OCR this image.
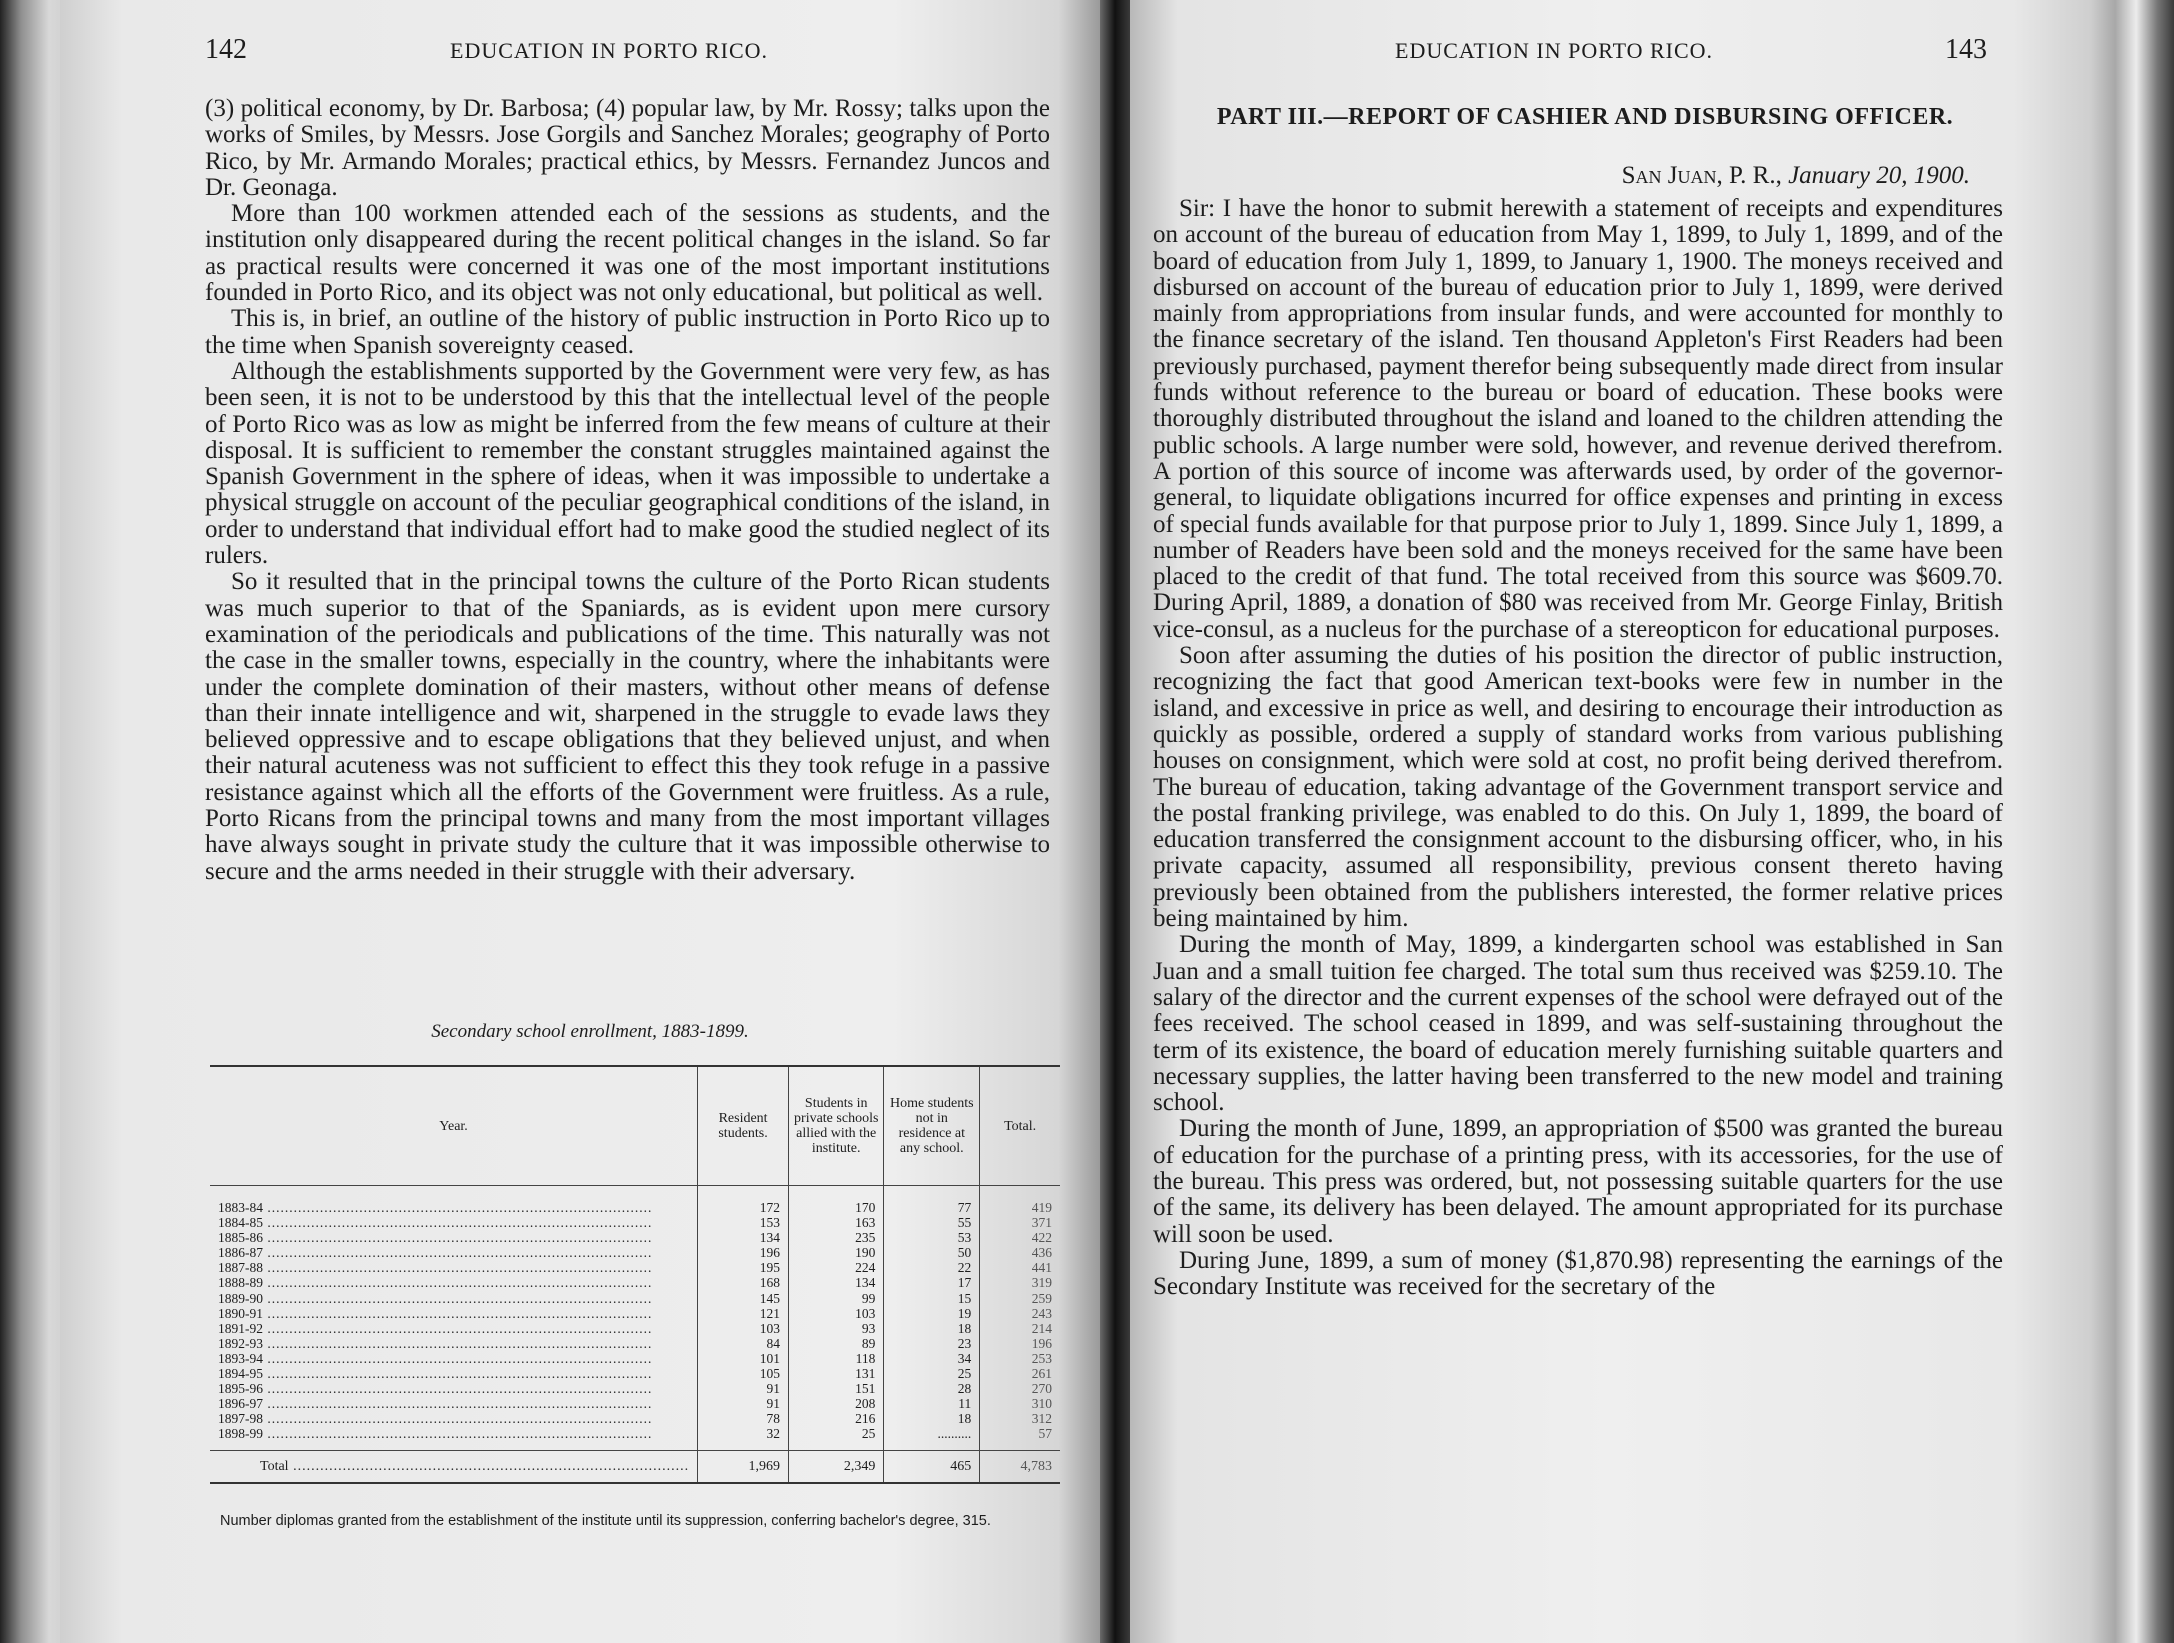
142	EDUCATION IN PORTO RICO.

(3) political economy, by Dr. Barbosa; (4) popular law, by Mr. Rossy; talks upon the works of Smiles, by Messrs. Jose Gorgils and Sanchez Morales; geography of Porto Rico, by Mr. Armando Morales; practical ethics, by Messrs. Fernandez Juncos and Dr. Geonaga.

More than 100 workmen attended each of the sessions as students, and the institution only disappeared during the recent political changes in the island. So far as practical results were concerned it was one of the most important institutions founded in Porto Rico, and its object was not only educational, but political as well.

This is, in brief, an outline of the history of public instruction in Porto Rico up to the time when Spanish sovereignty ceased.

Although the establishments supported by the Government were very few, as has been seen, it is not to be understood by this that the intellectual level of the people of Porto Rico was as low as might be inferred from the few means of culture at their disposal. It is sufficient to remember the constant struggles maintained against the Spanish Government in the sphere of ideas, when it was impossible to undertake a physical struggle on account of the peculiar geographical conditions of the island, in order to understand that individual effort had to make good the studied neglect of its rulers.

So it resulted that in the principal towns the culture of the Porto Rican students was much superior to that of the Spaniards, as is evident upon mere cursory examination of the periodicals and publications of the time. This naturally was not the case in the smaller towns, especially in the country, where the inhabitants were under the complete domination of their masters, without other means of defense than their innate intelligence and wit, sharpened in the struggle to evade laws they believed oppressive and to escape obligations that they believed unjust, and when their natural acuteness was not sufficient to effect this they took refuge in a passive resistance against which all the efforts of the Government were fruitless. As a rule, Porto Ricans from the principal towns and many from the most important villages have always sought in private study the culture that it was impossible otherwise to secure and the arms needed in their struggle with their adversary.

Secondary school enrollment, 1883-1899.
Year.	Resident students.	Students in private schools allied with the institute.	Home students not in residence at any school.	Total.
1883-84 .....	172	170	77	419
1884-85 .....	153	163	55	371
1885-86 .....	134	235	53	422
1886-87 .....	196	190	50	436
1887-88 .....	195	224	22	441
1888-89 .....	168	134	17	319
1889-90 .....	145	99	15	259
1890-91 .....	121	103	19	243
1891-92 .....	103	93	18	214
1892-93 .....	84	89	23	196
1893-94 .....	101	118	34	253
1894-95 .....	105	131	25	261
1895-96 .....	91	151	28	270
1896-97 .....	91	208	11	310
1897-98 .....	78	216	18	312
1898-99 .....	32	25	..........	57
Total .....	1,969	2,349	465	4,783
Number diplomas granted from the establishment of the institute until its suppression, conferring bachelor's degree, 315.
EDUCATION IN PORTO RICO.	143
PART III.—REPORT OF CASHIER AND DISBURSING OFFICER.
San Juan, P. R., January 20, 1900.

Sir: I have the honor to submit herewith a statement of receipts and expenditures on account of the bureau of education from May 1, 1899, to July 1, 1899, and of the board of education from July 1, 1899, to January 1, 1900. The moneys received and disbursed on account of the bureau of education prior to July 1, 1899, were derived mainly from appropriations from insular funds, and were accounted for monthly to the finance secretary of the island. Ten thousand Appleton's First Readers had been previously purchased, payment therefor being subsequently made direct from insular funds without reference to the bureau or board of education. These books were thoroughly distributed throughout the island and loaned to the children attending the public schools. A large number were sold, however, and revenue derived therefrom. A portion of this source of income was afterwards used, by order of the governor-general, to liquidate obligations incurred for office expenses and printing in excess of special funds available for that purpose prior to July 1, 1899. Since July 1, 1899, a number of Readers have been sold and the moneys received for the same have been placed to the credit of that fund. The total received from this source was $609.70. During April, 1889, a donation of $80 was received from Mr. George Finlay, British vice-consul, as a nucleus for the purchase of a stereopticon for educational purposes.

Soon after assuming the duties of his position the director of public instruction, recognizing the fact that good American text-books were few in number in the island, and excessive in price as well, and desiring to encourage their introduction as quickly as possible, ordered a supply of standard works from various publishing houses on consignment, which were sold at cost, no profit being derived therefrom. The bureau of education, taking advantage of the Government transport service and the postal franking privilege, was enabled to do this. On July 1, 1899, the board of education transferred the consignment account to the disbursing officer, who, in his private capacity, assumed all responsibility, previous consent thereto having previously been obtained from the publishers interested, the former relative prices being maintained by him.

During the month of May, 1899, a kindergarten school was established in San Juan and a small tuition fee charged. The total sum thus received was $259.10. The salary of the director and the current expenses of the school were defrayed out of the fees received. The school ceased in 1899, and was self-sustaining throughout the term of its existence, the board of education merely furnishing suitable quarters and necessary supplies, the latter having been transferred to the new model and training school.

During the month of June, 1899, an appropriation of $500 was granted the bureau of education for the purchase of a printing press, with its accessories, for the use of the bureau. This press was ordered, but, not possessing suitable quarters for the use of the same, its delivery has been delayed. The amount appropriated for its purchase will soon be used.

During June, 1899, a sum of money ($1,870.98) representing the earnings of the Secondary Institute was received for the secretary of the
